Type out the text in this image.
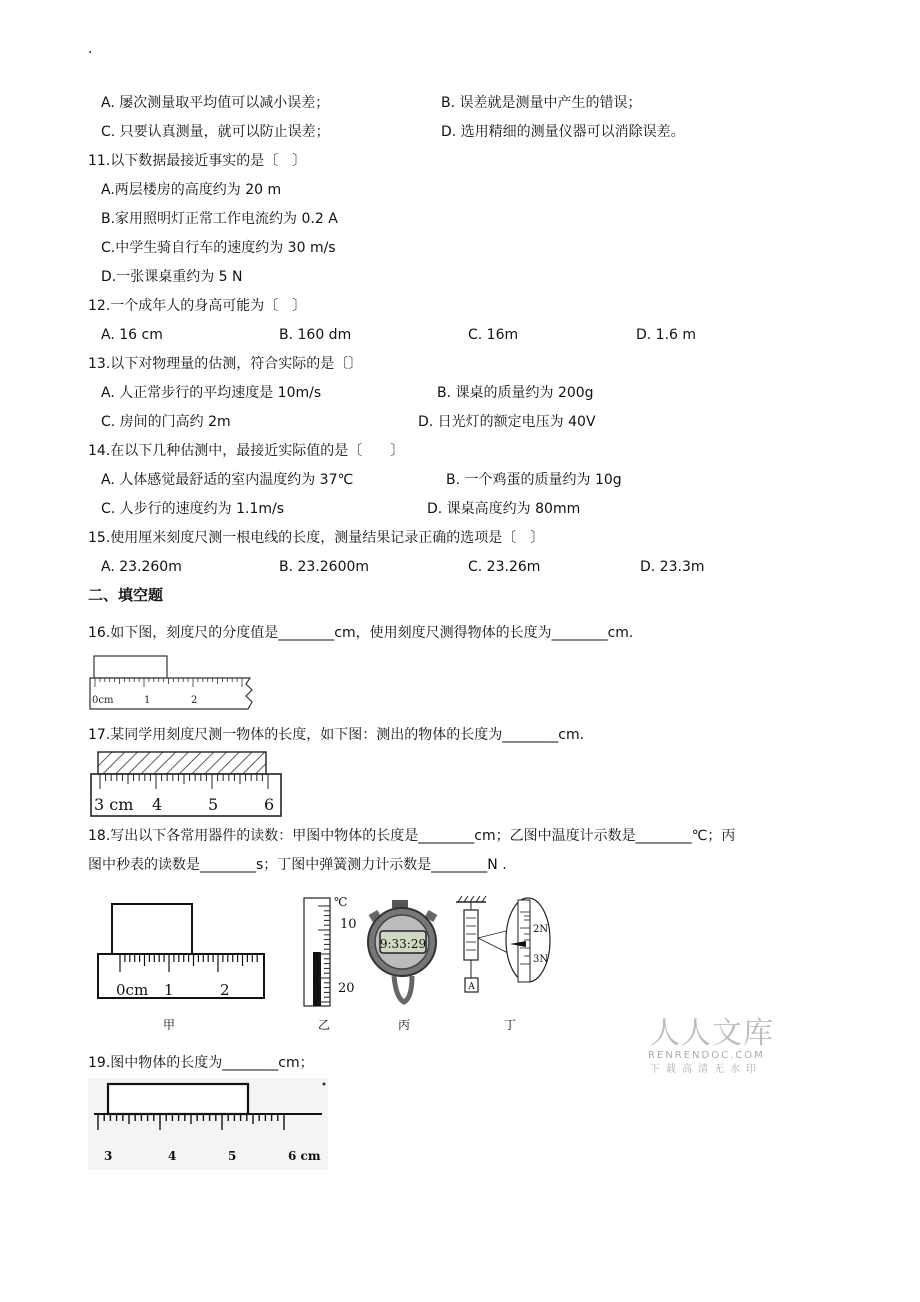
.
A. 屡次测量取平均值可以减小误差；	B. 误差就是测量中产生的错误；
C. 只要认真测量，就可以防止误差；	D. 选用精细的测量仪器可以消除误差。
11.以下数据最接近事实的是〔　〕
A.两层楼房的高度约为 20 m
B.家用照明灯正常工作电流约为 0.2 A
C.中学生骑自行车的速度约为 30 m/s
D.一张课桌重约为 5 N
12.一个成年人的身高可能为〔　〕
A. 16 cm	B. 160 dm	C. 16m	D. 1.6 m
13.以下对物理量的估测，符合实际的是〔〕
A. 人正常步行的平均速度是 10m/s	B. 课桌的质量约为 200g
C. 房间的门高约 2m	D. 日光灯的额定电压为 40V
14.在以下几种估测中，最接近实际值的是〔　　〕
A. 人体感觉最舒适的室内温度约为 37℃	B. 一个鸡蛋的质量约为 10g
C. 人步行的速度约为 1.1m/s	D. 课桌高度约为 80mm
15.使用厘米刻度尺测一根电线的长度，测量结果记录正确的选项是〔　〕
A. 23.260m	B. 23.2600m	C. 23.26m	D. 23.3m
二、填空题
16.如下图，刻度尺的分度值是________cm，使用刻度尺测得物体的长度为________cm.
0cm	1	2
17.某同学用刻度尺测一物体的长度，如下图：测出的物体的长度为________cm.
3 cm 4	5	6
18.写出以下各常用器件的读数：甲图中物体的长度是________cm；乙图中温度计示数是________℃；丙
图中秒表的读数是________s；丁图中弹簧测力计示数是________N .
0cm 1	2
℃
10
20
9:33:29
A
2N
3N
甲	乙	丙	丁	人人文库
RENRENDOC.COM
下载高清无水印
19.图中物体的长度为________cm；
3	4	5	6 cm
